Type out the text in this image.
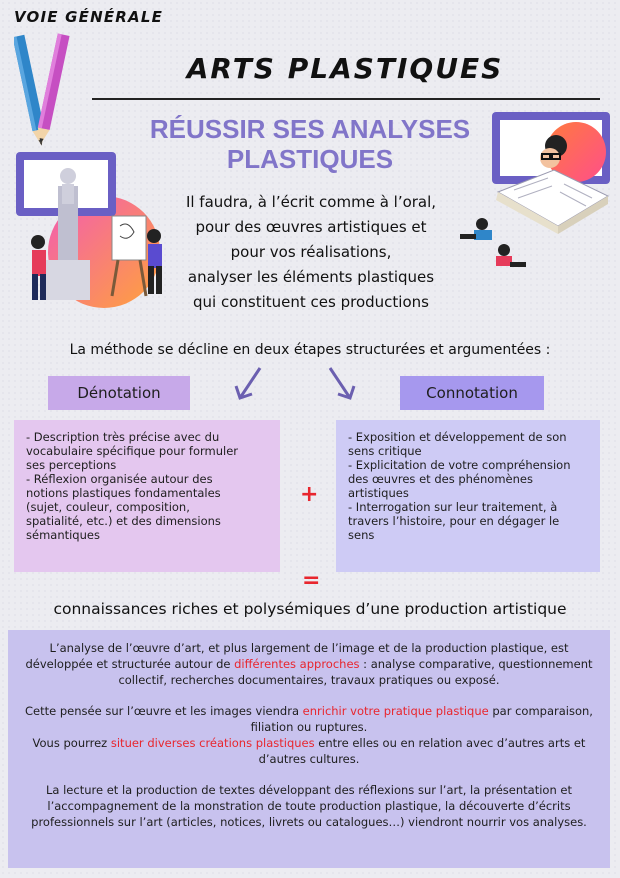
VOIE GÉNÉRALE
ARTS PLASTIQUES
RÉUSSIR SES ANALYSES PLASTIQUES
Il faudra, à l’écrit comme à l’oral,
pour des œuvres artistiques et
pour vos réalisations,
analyser les éléments plastiques
qui constituent ces productions
La méthode se décline en deux étapes structurées et argumentées :
Dénotation	Connotation
- Description très précise avec du
vocabulaire spécifique pour formuler
ses perceptions
- Réflexion organisée autour des
notions plastiques fondamentales
(sujet, couleur, composition,
spatialité, etc.) et des dimensions
sémantiques
+
- Exposition et développement de son
sens critique
- Explicitation de votre compréhension
des œuvres et des phénomènes
artistiques
- Interrogation sur leur traitement, à
travers l’histoire, pour en dégager le
sens
=
connaissances riches et polysémiques d’une production artistique

L’analyse de l’œuvre d’art, et plus largement de l’image et de la production plastique, est développée et structurée autour de différentes approches : analyse comparative, questionnement collectif, recherches documentaires, travaux pratiques ou exposé.

Cette pensée sur l’œuvre et les images viendra enrichir votre pratique plastique par comparaison, filiation ou ruptures.
Vous pourrez situer diverses créations plastiques entre elles ou en relation avec d’autres arts et d’autres cultures.

La lecture et la production de textes développant des réflexions sur l’art, la présentation et l’accompagnement de la monstration de toute production plastique, la découverte d’écrits professionnels sur l’art (articles, notices, livrets ou catalogues…) viendront nourrir vos analyses.
